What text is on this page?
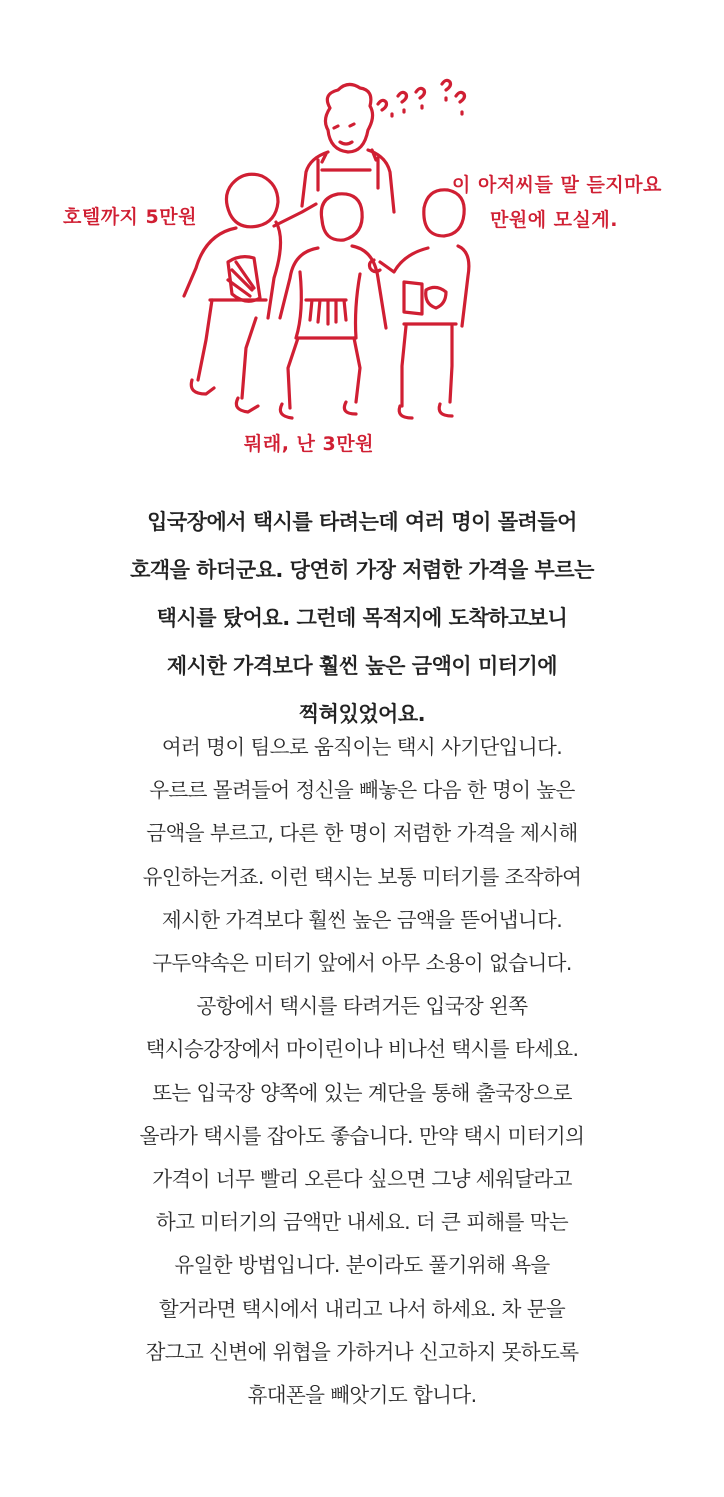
호텔까지 5만원
이 아저씨들 말 듣지마요
만원에 모실게.
뭐래, 난 3만원

입국장에서 택시를 타려는데 여러 명이 몰려들어

호객을 하더군요. 당연히 가장 저렴한 가격을 부르는

택시를 탔어요. 그런데 목적지에 도착하고보니

제시한 가격보다 훨씬 높은 금액이 미터기에

찍혀있었어요.

여러 명이 팀으로 움직이는 택시 사기단입니다.

우르르 몰려들어 정신을 빼놓은 다음 한 명이 높은

금액을 부르고, 다른 한 명이 저렴한 가격을 제시해

유인하는거죠. 이런 택시는 보통 미터기를 조작하여

제시한 가격보다 훨씬 높은 금액을 뜯어냅니다.

구두약속은 미터기 앞에서 아무 소용이 없습니다.

공항에서 택시를 타려거든 입국장 왼쪽

택시승강장에서 마이린이나 비나선 택시를 타세요.

또는 입국장 양쪽에 있는 계단을 통해 출국장으로

올라가 택시를 잡아도 좋습니다. 만약 택시 미터기의

가격이 너무 빨리 오른다 싶으면 그냥 세워달라고

하고 미터기의 금액만 내세요. 더 큰 피해를 막는

유일한 방법입니다. 분이라도 풀기위해 욕을

할거라면 택시에서 내리고 나서 하세요. 차 문을

잠그고 신변에 위협을 가하거나 신고하지 못하도록

휴대폰을 빼앗기도 합니다.
